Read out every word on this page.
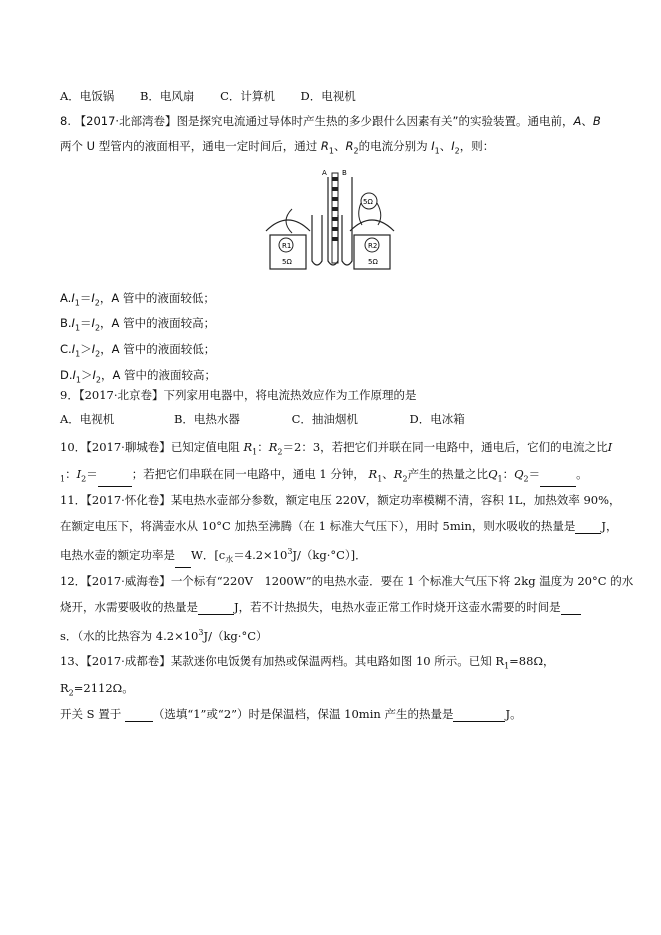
A．电饭锅 B．电风扇 C．计算机 D．电视机
8. 【2017·北部湾卷】图是探究电流通过导体时产生热的多少跟什么因素有关”的实验装置。通电前，A、B
两个 U 型管内的液面相平，通电一定时间后，通过 $R_1$、$R_2$的电流分别为 $I_1$、$I_2$，则：
R1
5Ω
R2
5Ω
A B
5Ω
$A.I_1=I_2$，A 管中的液面较低；
$B.I_1=I_2$，A 管中的液面较高；
$C.I_1>I_2$，A 管中的液面较低；
$D.I_1>I_2$，A 管中的液面较高；
9．【2017·北京卷】下列家用电器中，将电流热效应作为工作原理的是
A．电视机	B．电热水器	C．抽油烟机	D．电冰箱
10．【2017·聊城卷】已知定值电阻 $R_1$：$R_2=2$：3，若把它们并联在同一电路中，通电后，它们的电流之比I
$_1$：$I_2=$	；若把它们串联在同一电路中，通电 1 分钟， $R_1$、$R_2$产生的热量之比$Q_1$：$Q_2=$	。
11．【2017·怀化卷】某电热水壶部分参数，额定电压 220V，额定功率模糊不清，容积 1L，加热效率 90%，
在额定电压下，将满壶水从 10°C 加热至沸腾（在 1 标准大气压下），用时 5min，则水吸收的热量是 J，
电热水壶的额定功率是 W．$[c_水=4.2\times 10^3J/(kg\cdot^\circ C)]$．
12．【2017·威海卷】一个标有“220V　1200W”的电热水壶．要在 1 个标准大气压下将 2kg 温度为 20°C 的水
烧开，水需要吸收的热量是	J，若不计热损失，电热水壶正常工作时烧开这壶水需要的时间是
s．（水的比热容为 $4.2\times 10^3J/(kg\cdot^\circ C)$
13、【2017·成都卷】某款迷你电饭煲有加热或保温两档。其电路如图 10 所示。已知 $R_1=88\Omega$，
$R_2=2112\Omega$。
开关 S 置于	（选填“1”或“2”）时是保温档，保温 10min 产生的热量是	J。
